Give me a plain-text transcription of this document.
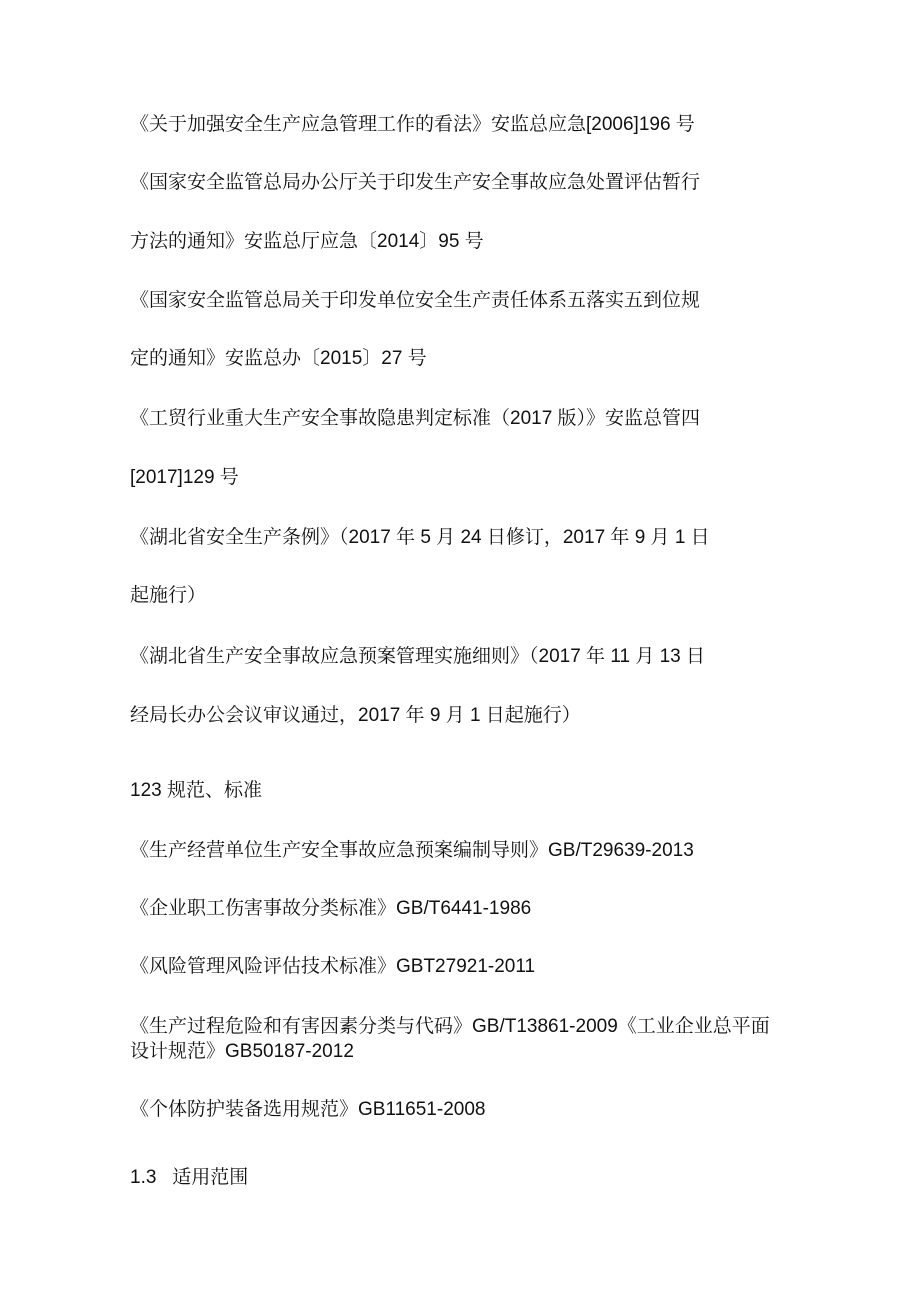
《关于加强安全生产应急管理工作的看法》安监总应急[2006]196 号
《国家安全监管总局办公厅关于印发生产安全事故应急处置评估暂行
方法的通知》安监总厅应急〔2014〕95 号
《国家安全监管总局关于印发单位安全生产责任体系五落实五到位规
定的通知》安监总办〔2015〕27 号
《工贸行业重大生产安全事故隐患判定标准（2017 版）》安监总管四
[2017]129 号
《湖北省安全生产条例》（2017 年 5 月 24 日修订，2017 年 9 月 1 日
起施行）
《湖北省生产安全事故应急预案管理实施细则》（2017 年 11 月 13 日
经局长办公会议审议通过，2017 年 9 月 1 日起施行）
123 规范、标准
《生产经营单位生产安全事故应急预案编制导则》GB/T29639-2013
《企业职工伤害事故分类标准》GB/T6441-1986
《风险管理风险评估技术标准》GBT27921-2011
《生产过程危险和有害因素分类与代码》GB/T13861-2009《工业企业总平面
设计规范》GB50187-2012
《个体防护装备选用规范》GB11651-2008
1.3   适用范围
